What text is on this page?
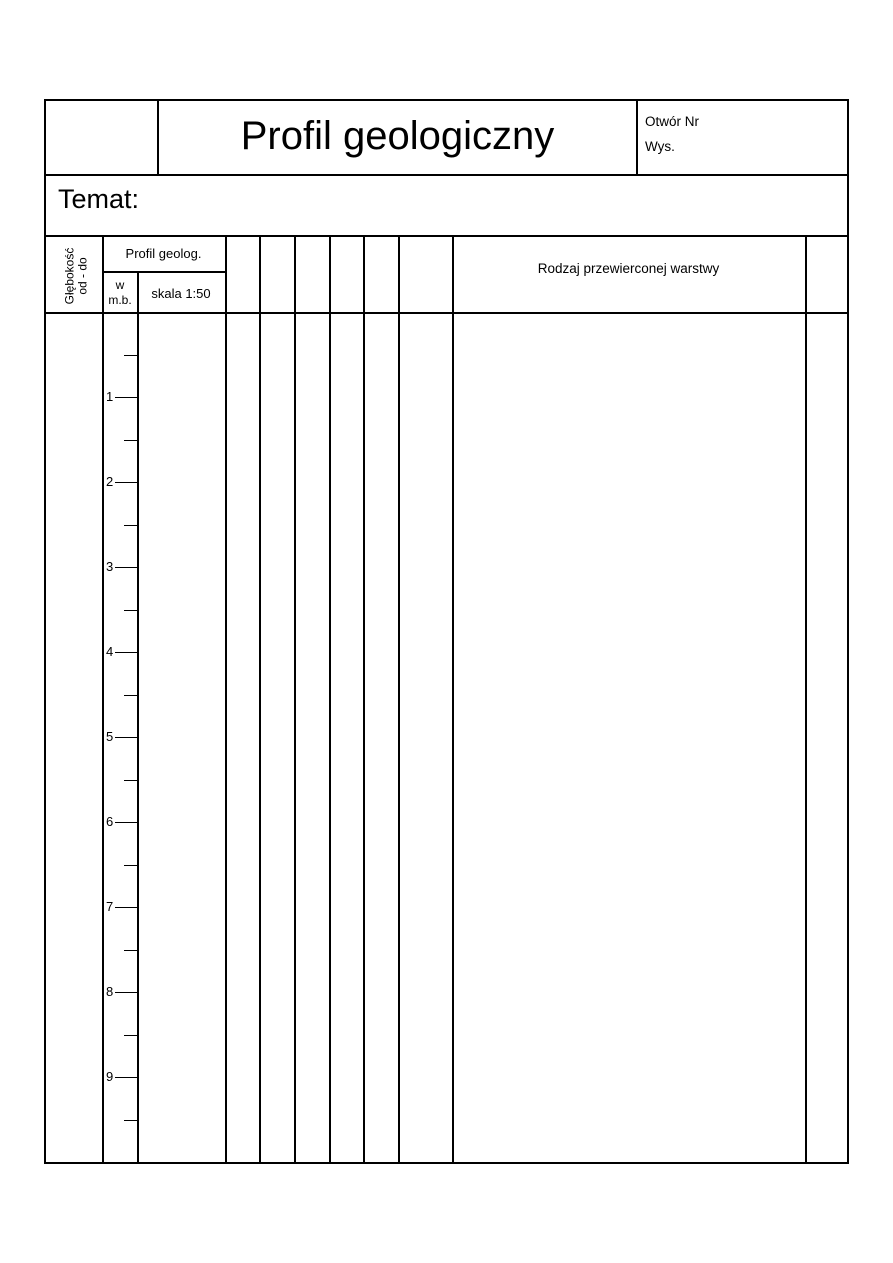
Profil geologiczny	Otwór Nr
Wys.
Temat:
Głębokość od - do
Profil geolog.
w
m.b.	skala 1:50
Rodzaj przewierconej warstwy
1
2
3
4
5
6
7
8
9
